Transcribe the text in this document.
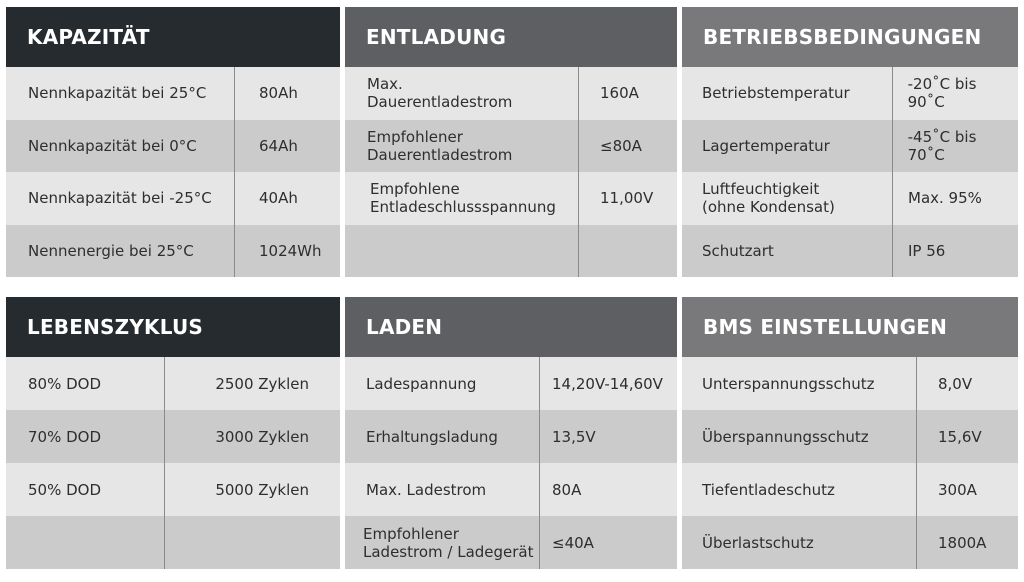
KAPAZITÄT
Nennkapazität bei 25°C	80Ah
Nennkapazität bei 0°C	64Ah
Nennkapazität bei -25°C	40Ah
Nennenergie bei 25°C	1024Wh
ENTLADUNG
Max.
Dauerentladestrom	160A
Empfohlener
Dauerentladestrom	≤80A
Empfohlene
Entladeschlussspannung	11,00V
BETRIEBSBEDINGUNGEN
Betriebstemperatur	-20˚C bis 90˚C
Lagertemperatur	-45˚C bis 70˚C
Luftfeuchtigkeit
(ohne Kondensat)	Max. 95%
Schutzart	IP 56
LEBENSZYKLUS
80% DOD	2500 Zyklen
70% DOD	3000 Zyklen
50% DOD	5000 Zyklen
LADEN
Ladespannung	14,20V-14,60V
Erhaltungsladung	13,5V
Max. Ladestrom	80A
Empfohlener
Ladestrom / Ladegerät	≤40A
BMS EINSTELLUNGEN
Unterspannungsschutz	8,0V
Überspannungsschutz	15,6V
Tiefentladeschutz	300A
Überlastschutz	1800A
